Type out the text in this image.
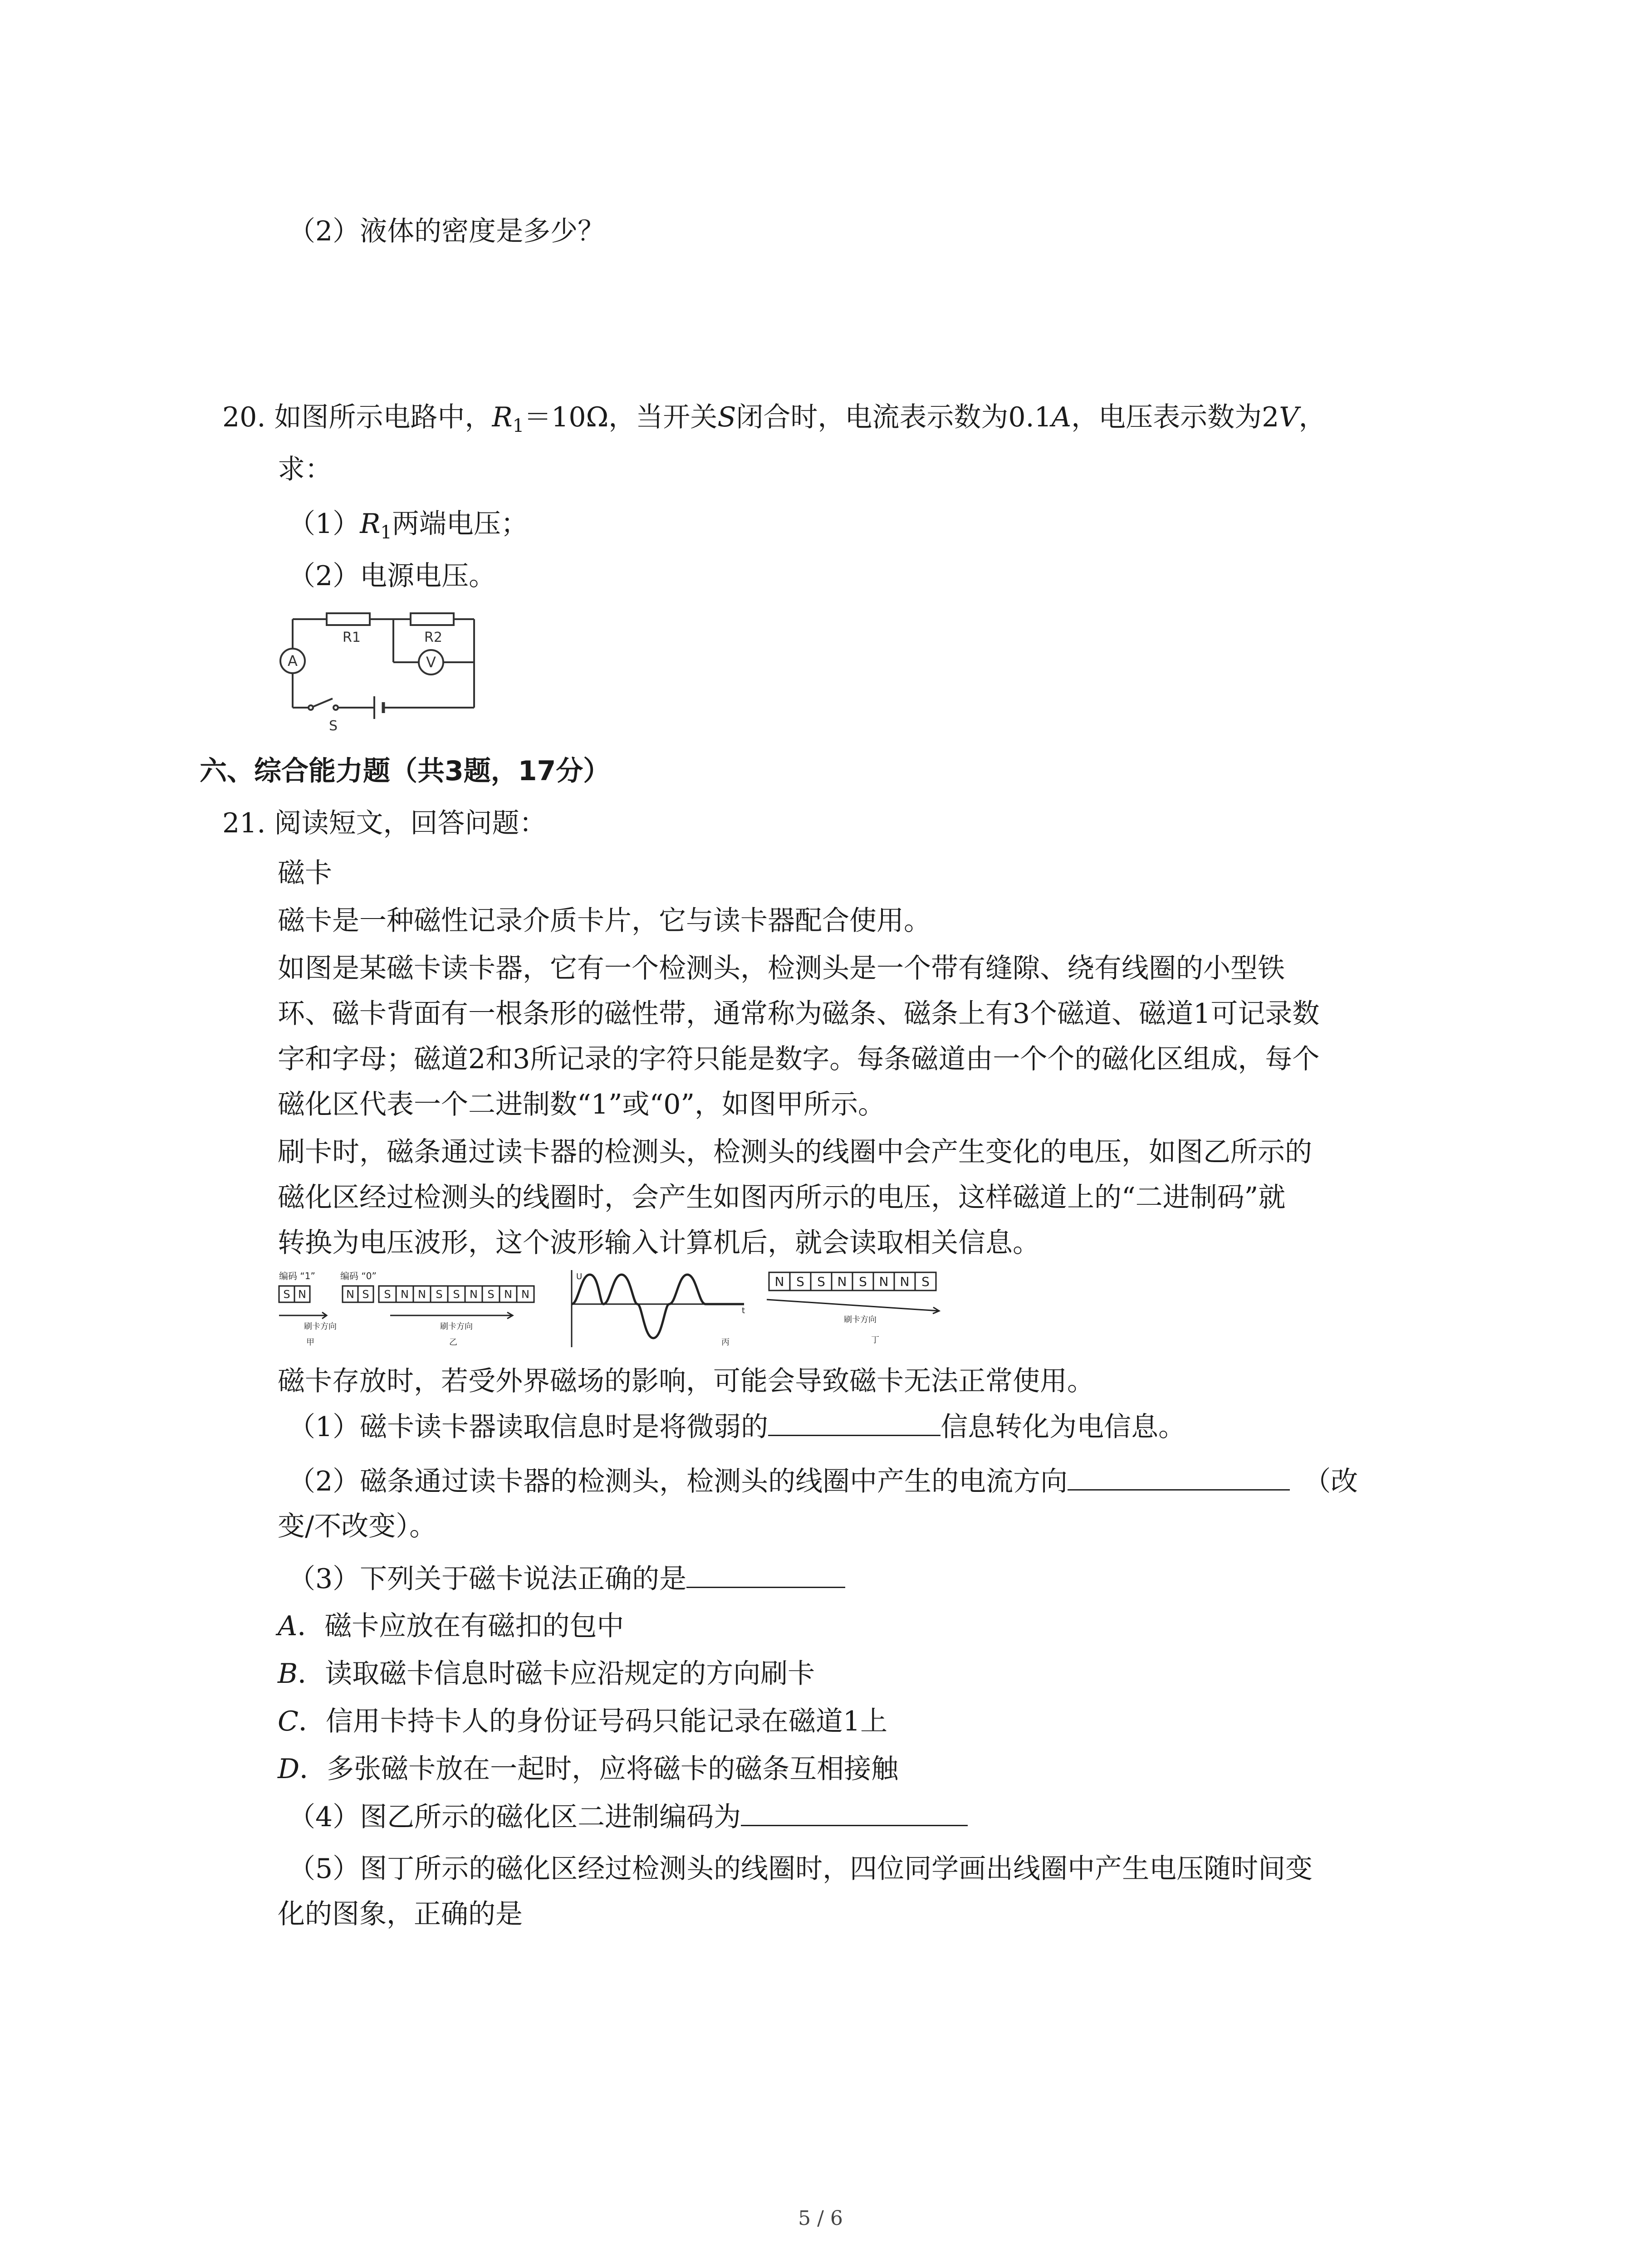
（2）液体的密度是多少？
20. 如图所示电路中，$R_1=10\Omega$，当开关S闭合时，电流表示数为0.1A，电压表示数为2V，
求：
$(1)R_1$两端电压；
（2）电源电压。
R1	R2
A	V
S
六、综合能力题（共3题，17分）
21. 阅读短文，回答问题：
磁卡
磁卡是一种磁性记录介质卡片，它与读卡器配合使用。
如图是某磁卡读卡器，它有一个检测头，检测头是一个带有缝隙、绕有线圈的小型铁
环、磁卡背面有一根条形的磁性带，通常称为磁条、磁条上有3个磁道、磁道1可记录数
字和字母；磁道2和3所记录的字符只能是数字。每条磁道由一个个的磁化区组成，每个
磁化区代表一个二进制数“1”或“0”，如图甲所示。
刷卡时，磁条通过读卡器的检测头，检测头的线圈中会产生变化的电压，如图乙所示的
磁化区经过检测头的线圈时，会产生如图丙所示的电压，这样磁道上的“二进制码”就
转换为电压波形，这个波形输入计算机后，就会读取相关信息。
编码 “1”	编码 “0”
S N	N S S N N S S N S N N
刷卡方向
甲
刷卡方向
乙
刷卡方向
丁
丙
U
t
N S S N S N N S
磁卡存放时，若受外界磁场的影响，可能会导致磁卡无法正常使用。
（1）磁卡读卡器读取信息时是将微弱的	信息转化为电信息。
（2）磁条通过读卡器的检测头，检测头的线圈中产生的电流方向	（改
变/不改变）。
（3）下列关于磁卡说法正确的是
A．磁卡应放在有磁扣的包中
B．读取磁卡信息时磁卡应沿规定的方向刷卡
C．信用卡持卡人的身份证号码只能记录在磁道1上
D．多张磁卡放在一起时，应将磁卡的磁条互相接触
（4）图乙所示的磁化区二进制编码为
（5）图丁所示的磁化区经过检测头的线圈时，四位同学画出线圈中产生电压随时间变
化的图象，正确的是
5 / 6
